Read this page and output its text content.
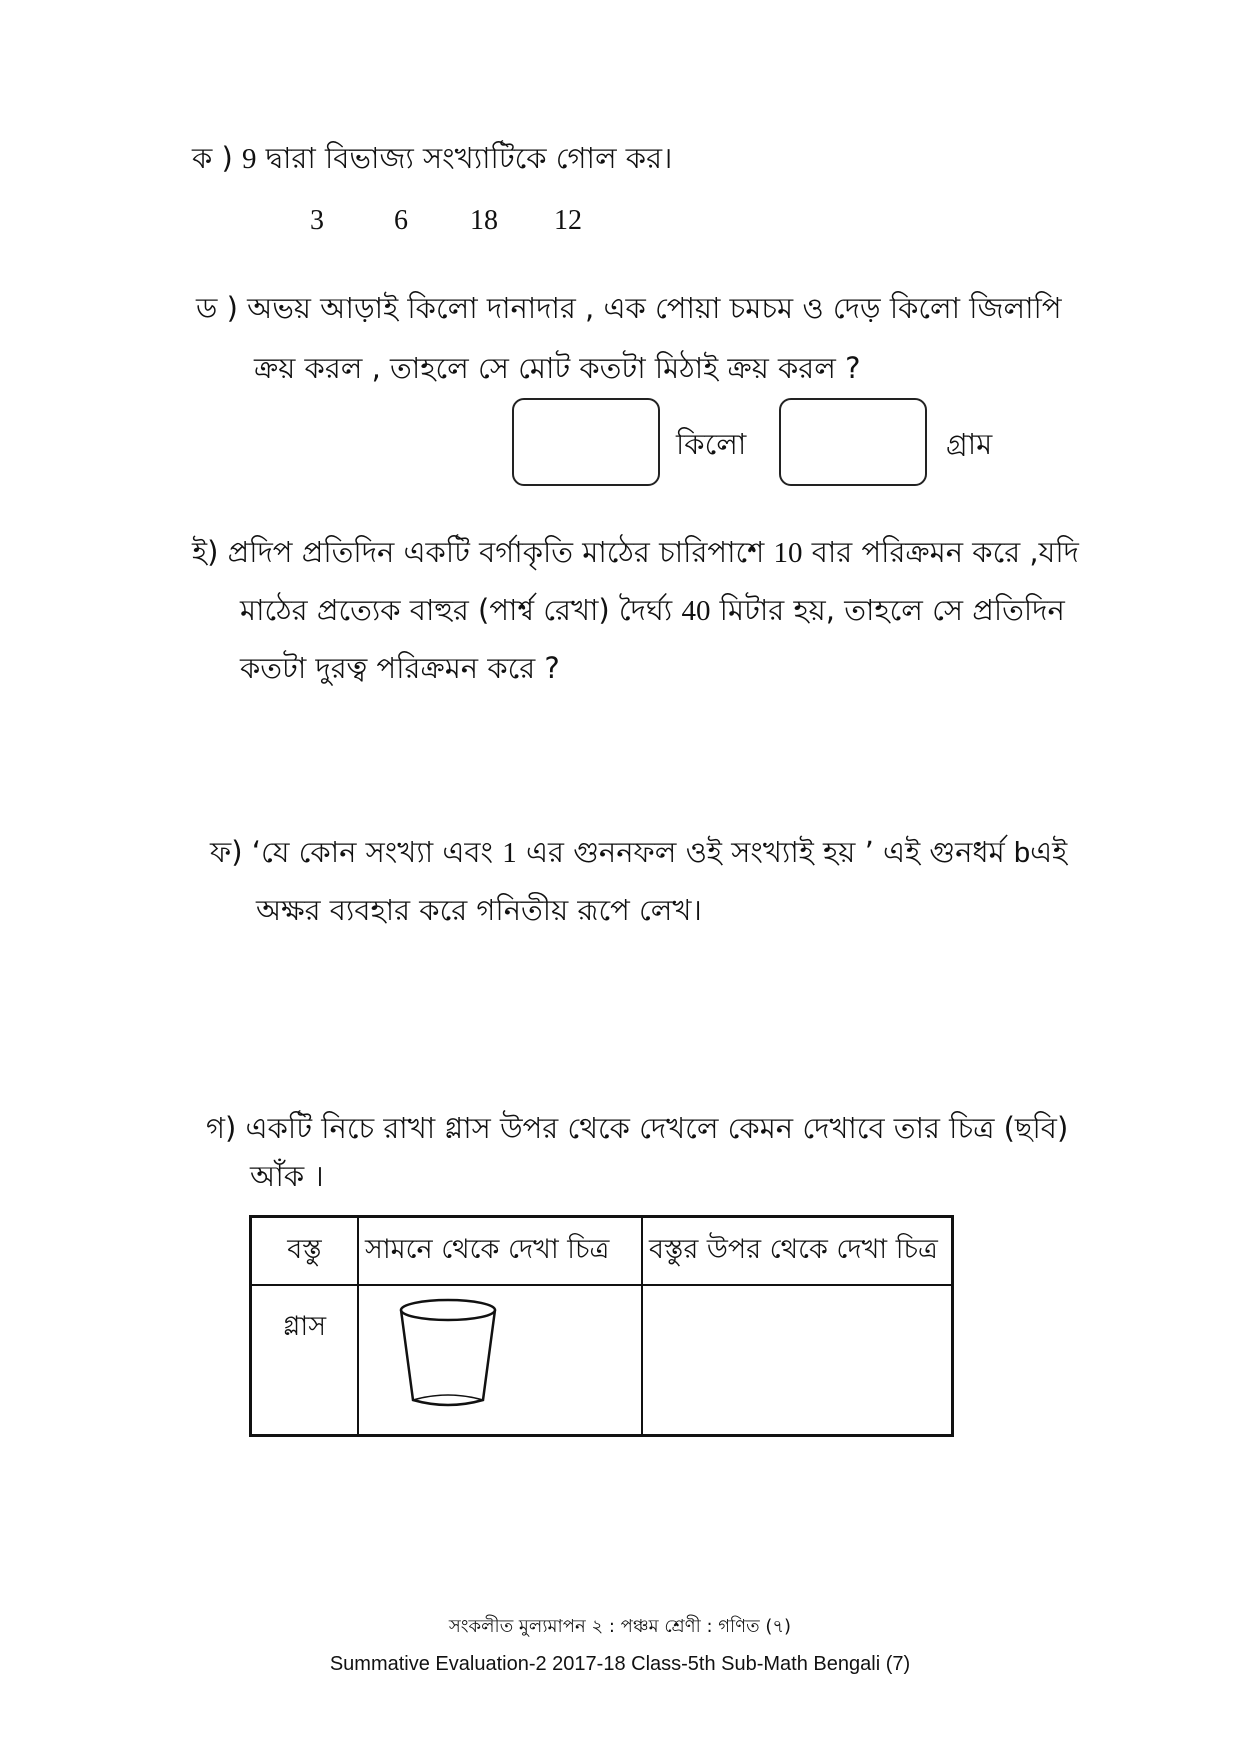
ক ) 9 দ্বারা বিভাজ্য সংখ্যাটিকে গোল কর।
3	6 18 12
ড ) অভয় আড়াই কিলো দানাদার , এক পোয়া চমচম ও দেড় কিলো জিলাপি
ক্রয় করল , তাহলে সে মোট কতটা মিঠাই ক্রয় করল ?
কিলো	গ্রাম
ই) প্রদিপ প্রতিদিন একটি বর্গাকৃতি মাঠের চারিপাশে 10 বার পরিক্রমন করে ,যদি
মাঠের প্রত্যেক বাহুর (পার্শ্ব রেখা) দৈর্ঘ্য 40 মিটার হয়, তাহলে সে প্রতিদিন
কতটা দুরত্ব পরিক্রমন করে ?
ফ) ‘যে কোন সংখ্যা এবং 1 এর গুননফল ওই সংখ্যাই হয় ’ এই গুনধর্ম bএই
অক্ষর ব্যবহার করে গনিতীয় রূপে লেখ।
গ) একটি নিচে রাখা গ্লাস উপর থেকে দেখলে কেমন দেখাবে তার চিত্র (ছবি)
আঁক ।
বস্তু	সামনে থেকে দেখা চিত্র	বস্তুর উপর থেকে দেখা চিত্র
গ্লাস		
সংকলীত মুল্যমাপন ২ : পঞ্চম শ্রেণী : গণিত (৭)
Summative Evaluation-2 2017-18 Class-5th Sub-Math Bengali (7)
